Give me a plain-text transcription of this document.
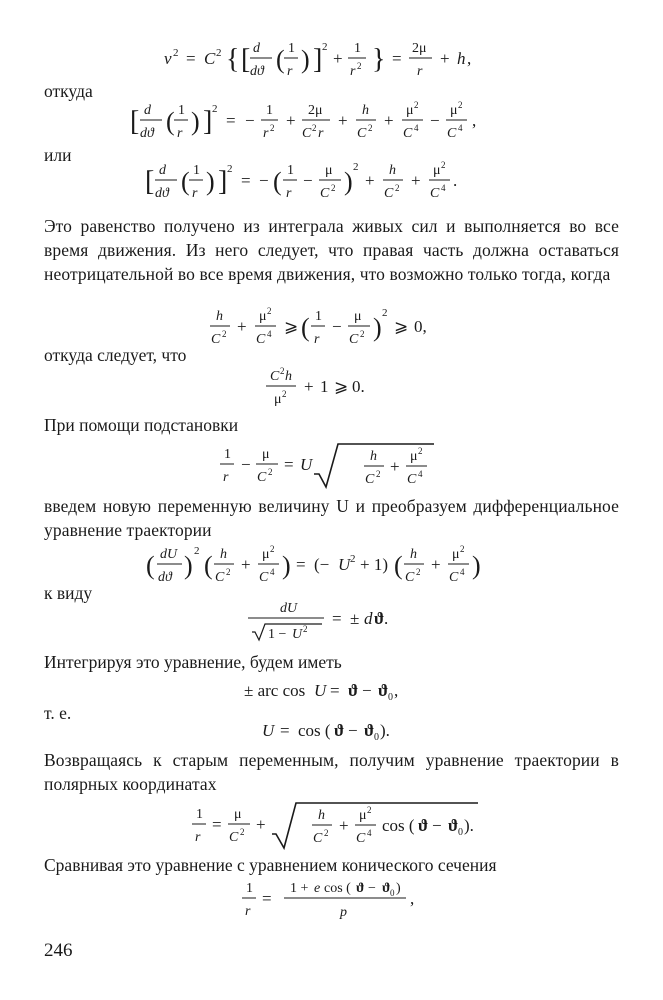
v 2 = C 2 { [ d
dϑ ( 1
r ) ] 2
+
1
r 2 } =
2μ
r
+ h ,
откуда
[ d
dϑ ( 1
r ) ] 2
= −
1
r 2 +
2μ
C 2 r
+
h
C 2 +
μ 2
C 4 −
μ 2
C 4 ,
или
[ d
dϑ ( 1
r ) ] 2
= − ( 1
r
−
μ
C 2 ) 2
+
h
C 2 +
μ 2
C 4 .
Это равенство получено из интеграла живых сил и выполняется во все время движения. Из него следует, что правая часть должна оставаться неотрицательной во все время движения, что возможно только тогда, когда
h
C 2 +
μ 2
C 4 ⩾ ( 1
r
−
μ
C 2 ) 2
⩾ 0,
откуда следует, что
C 2 h
μ 2 + 1 ⩾ 0.
При помощи подстановки
1
r
−
μ
C 2 = U	h
C 2 +
μ 2
C 4
введем новую переменную величину U и преобразуем дифференциальное уравнение траектории
( dU
dϑ ) 2 ( h
C 2 +
μ 2
C 4 ) = (− U 2 + 1) ( h
C 2 +
μ 2
C 4 )
к виду
dU
1 − U 2
= ± d ϑ .
Интегрируя это уравнение, будем иметь
± arc cos U = ϑ − ϑ 0 ,
т. е.
U = cos ( ϑ − ϑ 0 ).
Возвращаясь к старым переменным, получим уравнение траектории в полярных координатах
1
r
=
μ
C 2 +	h
C 2 +
μ 2
C 4 cos ( ϑ − ϑ 0 ).
Сравнивая это уравнение с уравнением конического сечения
1
r
=
1 + e cos ( ϑ − ϑ 0 )
p
,
246
